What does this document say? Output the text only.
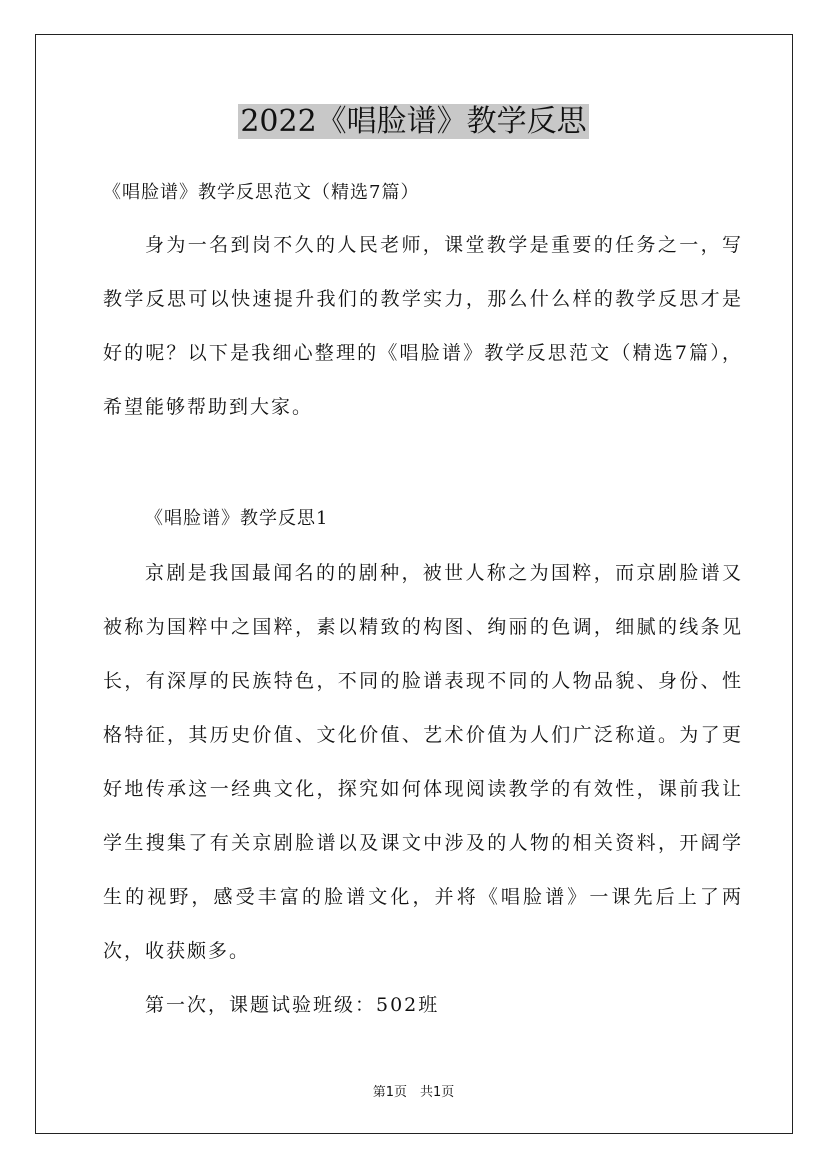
2022《唱脸谱》教学反思
《唱脸谱》教学反思范文（精选7篇）

身为一名到岗不久的人民老师，课堂教学是重要的任务之一，写教学反思可以快速提升我们的教学实力，那么什么样的教学反思才是好的呢？以下是我细心整理的《唱脸谱》教学反思范文（精选7篇），希望能够帮助到大家。

《唱脸谱》教学反思1

京剧是我国最闻名的的剧种，被世人称之为国粹，而京剧脸谱又被称为国粹中之国粹，素以精致的构图、绚丽的色调，细腻的线条见长，有深厚的民族特色，不同的脸谱表现不同的人物品貌、身份、性格特征，其历史价值、文化价值、艺术价值为人们广泛称道。为了更好地传承这一经典文化，探究如何体现阅读教学的有效性，课前我让学生搜集了有关京剧脸谱以及课文中涉及的人物的相关资料，开阔学生的视野，感受丰富的脸谱文化，并将《唱脸谱》一课先后上了两次，收获颇多。

第一次，课题试验班级：502班

第1页　共1页
